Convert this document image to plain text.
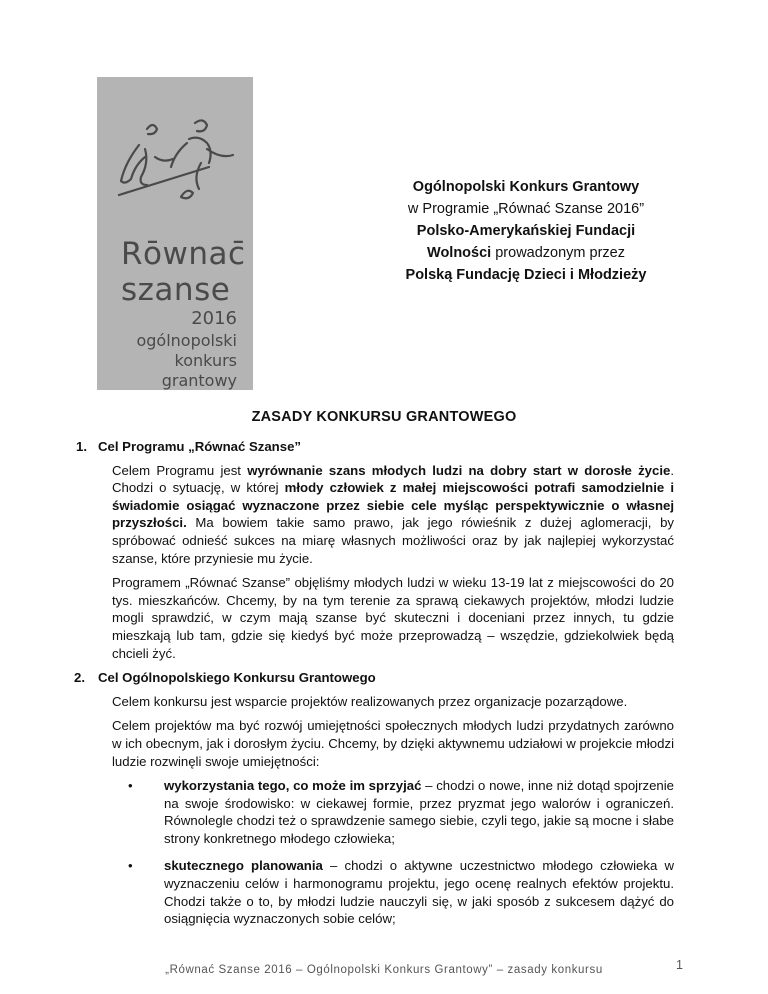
Rōwnac̄
szanse
2016
ogólnopolski
konkurs
grantowy
Ogólnopolski Konkurs Grantowy
w Programie „Równać Szanse 2016”
Polsko-Amerykańskiej Fundacji
Wolności prowadzonym przez
Polską Fundację Dzieci i Młodzieży
ZASADY KONKURSU GRANTOWEGO
1. Cel Programu „Równać Szanse”

Celem Programu jest wyrównanie szans młodych ludzi na dobry start w dorosłe życie. Chodzi o sytuację, w której młody człowiek z małej miejscowości potrafi samodzielnie i świadomie osiągać wyznaczone przez siebie cele myśląc perspektywicznie o własnej przyszłości. Ma bowiem takie samo prawo, jak jego rówieśnik z dużej aglomeracji, by spróbować odnieść sukces na miarę własnych możliwości oraz by jak najlepiej wykorzystać szanse, które przyniesie mu życie.

Programem „Równać Szanse” objęliśmy młodych ludzi w wieku 13-19 lat z miejscowości do 20 tys. mieszkańców. Chcemy, by na tym terenie za sprawą ciekawych projektów, młodzi ludzie mogli sprawdzić, w czym mają szanse być skuteczni i doceniani przez innych, tu gdzie mieszkają lub tam, gdzie się kiedyś być może przeprowadzą – wszędzie, gdziekolwiek będą chcieli żyć.

2. Cel Ogólnopolskiego Konkursu Grantowego

Celem konkursu jest wsparcie projektów realizowanych przez organizacje pozarządowe.

Celem projektów ma być rozwój umiejętności społecznych młodych ludzi przydatnych zarówno w ich obecnym, jak i dorosłym życiu. Chcemy, by dzięki aktywnemu udziałowi w projekcie młodzi ludzie rozwinęli swoje umiejętności:

• wykorzystania tego, co może im sprzyjać – chodzi o nowe, inne niż dotąd spojrzenie na swoje środowisko: w ciekawej formie, przez pryzmat jego walorów i ograniczeń. Równolegle chodzi też o sprawdzenie samego siebie, czyli tego, jakie są mocne i słabe strony konkretnego młodego człowieka;
• skutecznego planowania – chodzi o aktywne uczestnictwo młodego człowieka w wyznaczeniu celów i harmonogramu projektu, jego ocenę realnych efektów projektu. Chodzi także o to, by młodzi ludzie nauczyli się, w jaki sposób z sukcesem dążyć do osiągnięcia wyznaczonych sobie celów;
„Równać Szanse 2016 – Ogólnopolski Konkurs Grantowy” – zasady konkursu	1
